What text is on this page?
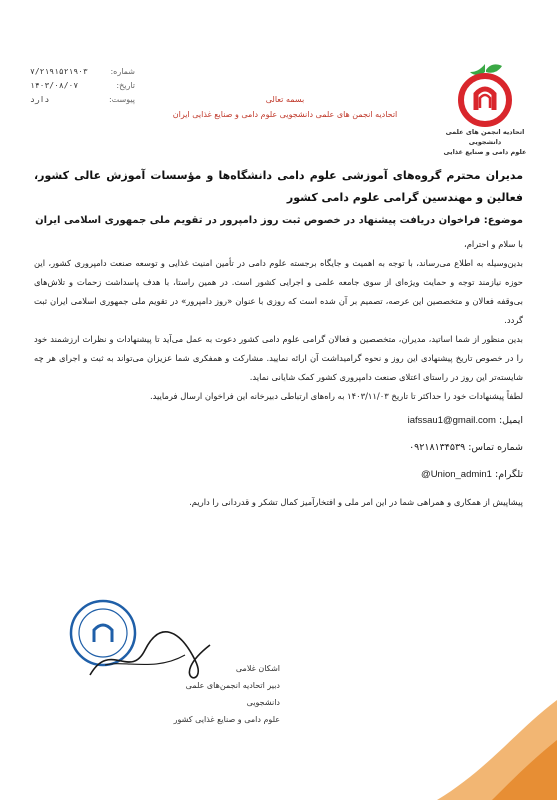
شماره:
۷/۲۱۹۱۵۲۱۹۰۳
تاریخ:
۱۴۰۳/۰۸/۰۷
پیوست:
دارد	بسمه تعالی
اتحادیه انجمن های علمی دانشجویی علوم دامی و صنایع غذایی ایران
اتحادیه انجمن های علمی دانشجویی
علوم دامی و صنایع غذایی
مدیران محترم گروه‌های آموزشی علوم دامی دانشگاه‌ها و مؤسسات آموزش عالی کشور، فعالین و مهندسین گرامی علوم دامی کشور
موضوع: فراخوان دریافت پیشنهاد در خصوص ثبت روز دامپرور در تقویم ملی جمهوری اسلامی ایران

با سلام و احترام،

بدین‌وسیله به اطلاع می‌رساند، با توجه به اهمیت و جایگاه برجسته علوم دامی در تأمین امنیت غذایی و توسعه صنعت دامپروری کشور، این حوزه نیازمند توجه و حمایت ویژه‌ای از سوی جامعه علمی و اجرایی کشور است. در همین راستا، با هدف پاسداشت زحمات و تلاش‌های بی‌وقفه فعالان و متخصصین این عرصه، تصمیم بر آن شده است که روزی با عنوان «روز دامپرور» در تقویم ملی جمهوری اسلامی ایران ثبت گردد.

بدین منظور از شما اساتید، مدیران، متخصصین و فعالان گرامی علوم دامی کشور دعوت به عمل می‌آید تا پیشنهادات و نظرات ارزشمند خود را در خصوص تاریخ پیشنهادی این روز و نحوه گرامیداشت آن ارائه نمایید. مشارکت و همفکری شما عزیزان می‌تواند به ثبت و اجرای هر چه شایسته‌تر این روز در راستای اعتلای صنعت دامپروری کشور کمک شایانی نماید.

لطفاً پیشنهادات خود را حداکثر تا تاریخ ۱۴۰۳/۱۱/۰۳ به راه‌های ارتباطی دبیرخانه این فراخوان ارسال فرمایید.

ایمیل: iafssau1@gmail.com
شماره تماس: ۰۹۲۱۸۱۳۴۵۳۹
تلگرام: @Union_admin1
پیشاپیش از همکاری و همراهی شما در این امر ملی و افتخارآمیز کمال تشکر و قدردانی را داریم.
اشکان غلامی
دبیر اتحادیه انجمن‌های علمی دانشجویی
علوم دامی و صنایع غذایی کشور
